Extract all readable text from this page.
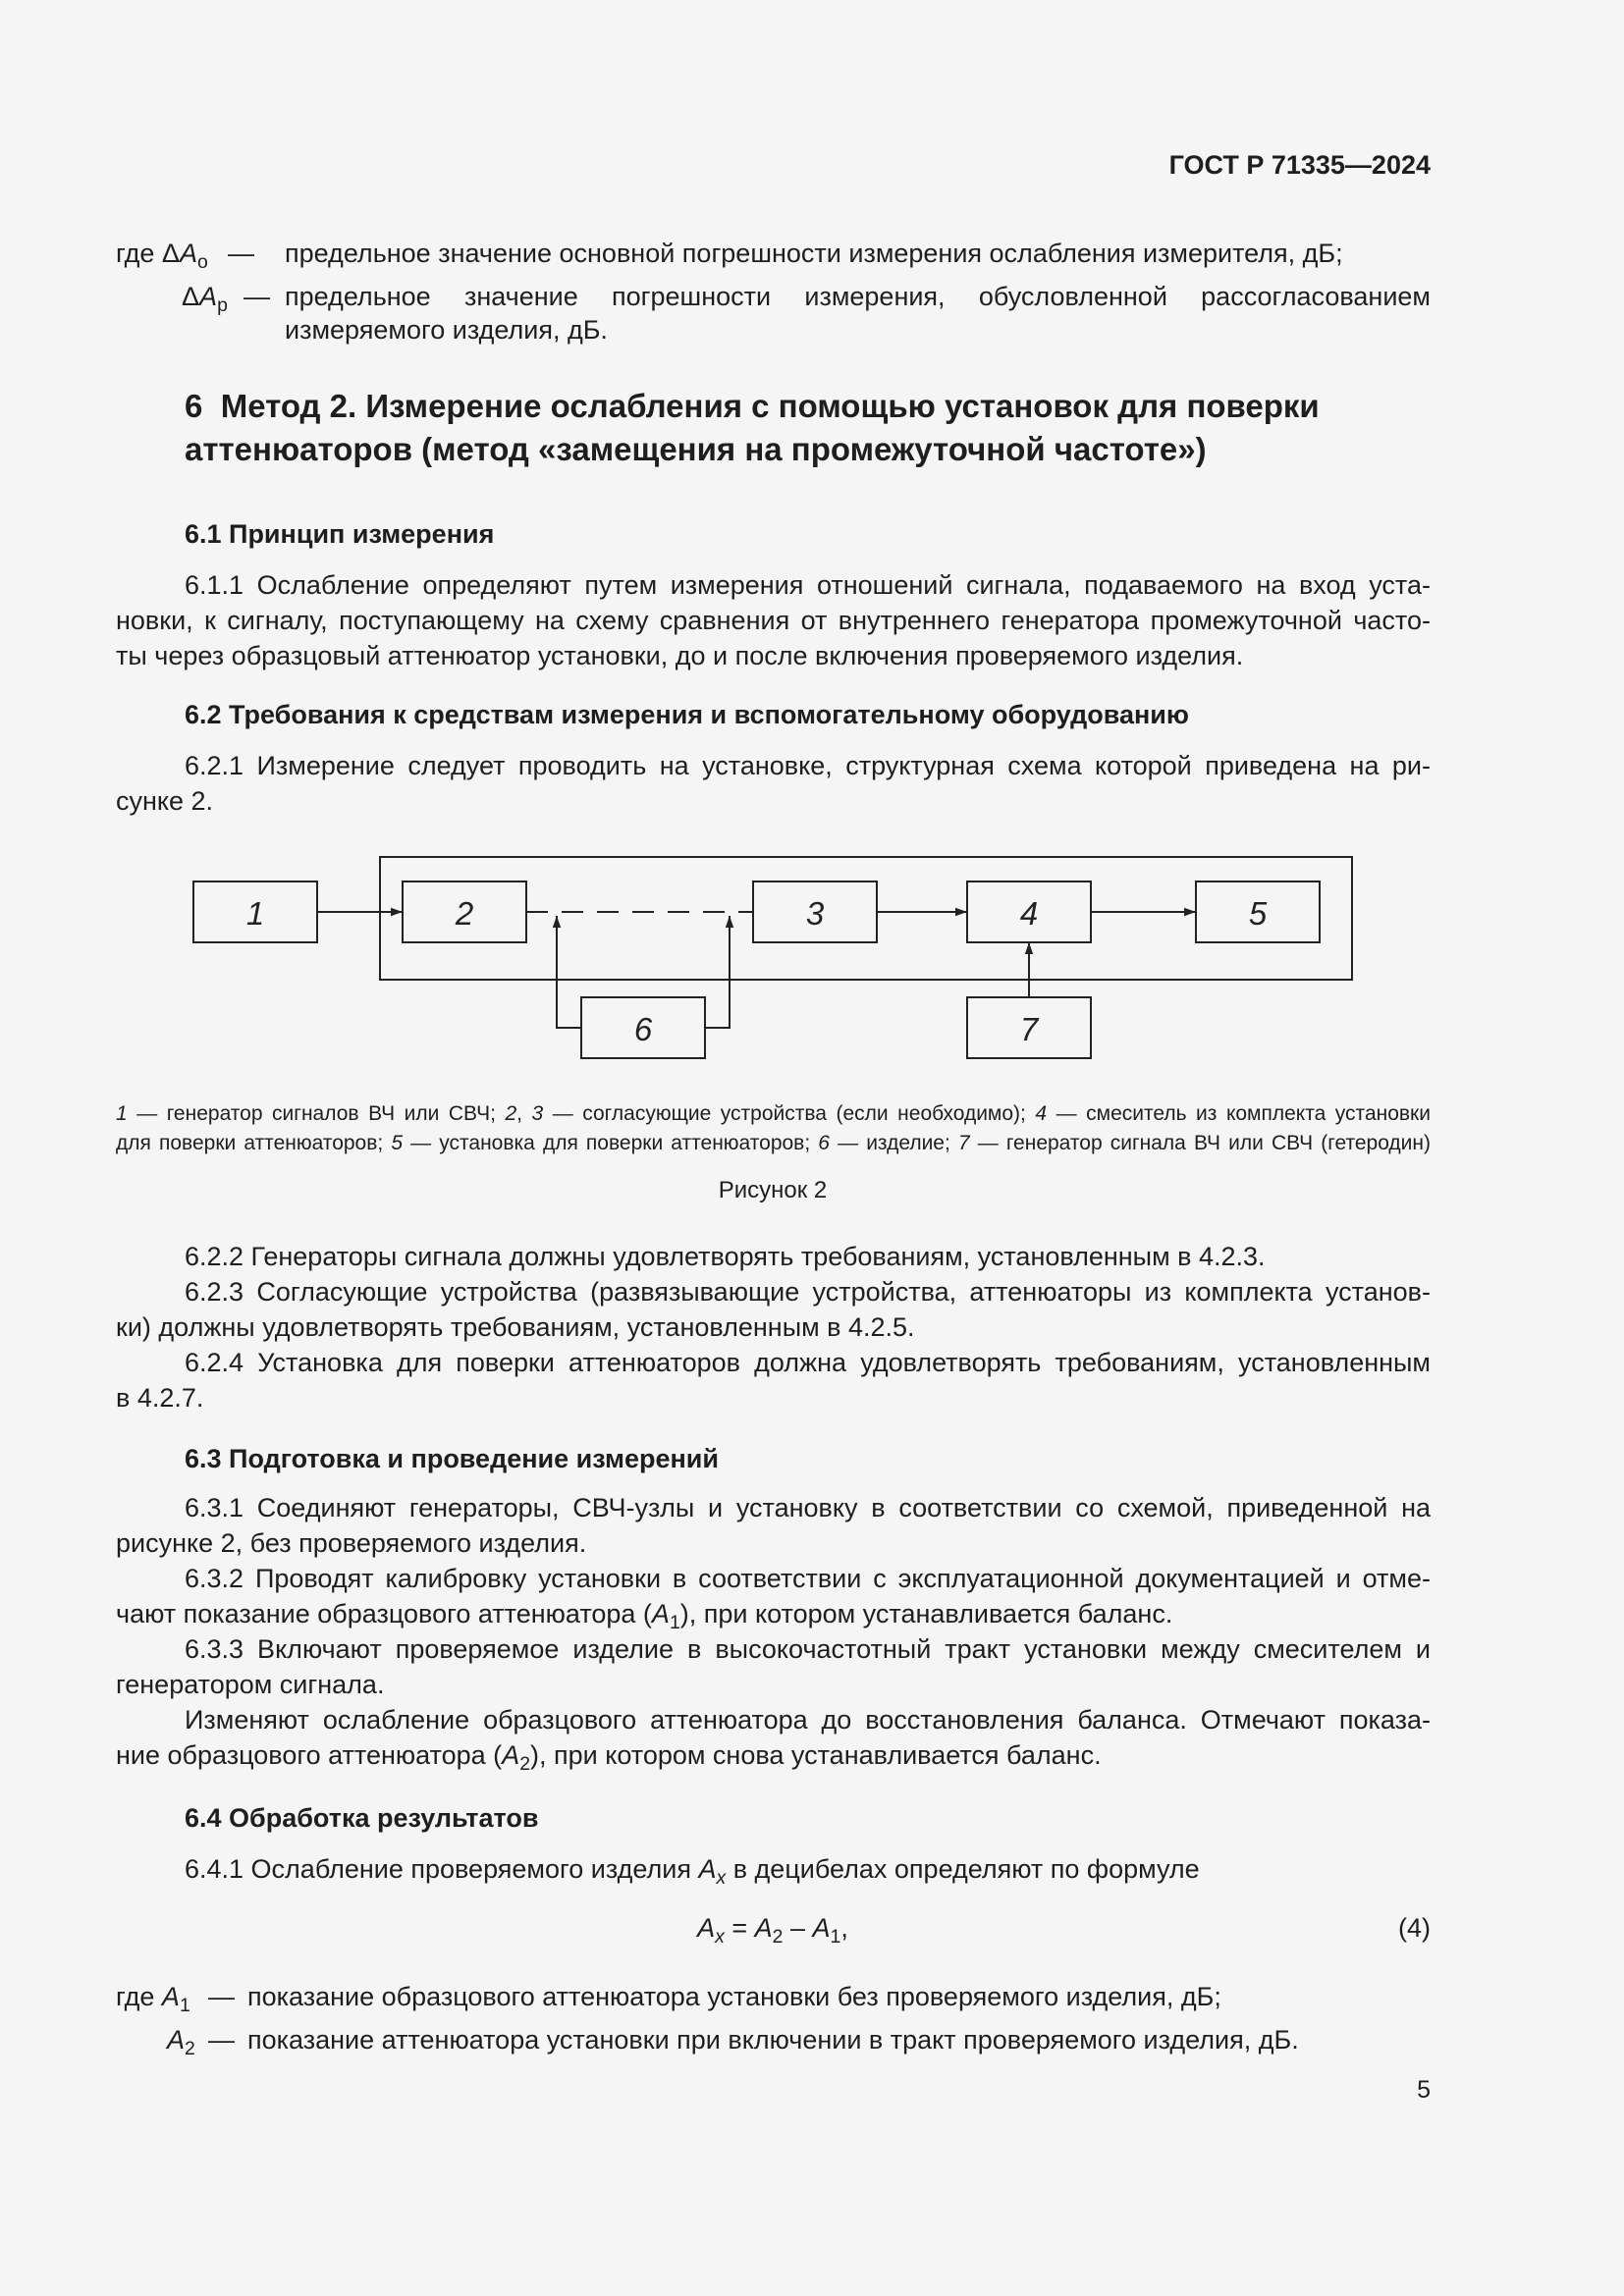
ГОСТ Р 71335—2024
где $\Delta A_о$ — предельное значение основной погрешности измерения ослабления измерителя, дБ;
$\Delta A_р$ — предельное значение погрешности измерения, обусловленной рассогласованием
измеряемого изделия, дБ.
6 Метод 2. Измерение ослабления с помощью установок для поверки
аттенюаторов (метод «замещения на промежуточной частоте»)
6.1 Принцип измерения
6.1.1 Ослабление определяют путем измерения отношений сигнала, подаваемого на вход уста-
новки, к сигналу, поступающему на схему сравнения от внутреннего генератора промежуточной часто-
ты через образцовый аттенюатор установки, до и после включения проверяемого изделия.
6.2 Требования к средствам измерения и вспомогательному оборудованию
6.2.1 Измерение следует проводить на установке, структурная схема которой приведена на ри-
сунке 2.
1	2	3	4	5
6	7
1 — генератор сигналов ВЧ или СВЧ; 2, 3 — согласующие устройства (если необходимо); 4 — смеситель из комплекта установки
для поверки аттенюаторов; 5 — установка для поверки аттенюаторов; 6 — изделие; 7 — генератор сигнала ВЧ или СВЧ (гетеродин)
Рисунок 2
6.2.2 Генераторы сигнала должны удовлетворять требованиям, установленным в 4.2.3.
6.2.3 Согласующие устройства (развязывающие устройства, аттенюаторы из комплекта установ-
ки) должны удовлетворять требованиям, установленным в 4.2.5.
6.2.4 Установка для поверки аттенюаторов должна удовлетворять требованиям, установленным
в 4.2.7.
6.3 Подготовка и проведение измерений
6.3.1 Соединяют генераторы, СВЧ-узлы и установку в соответствии со схемой, приведенной на
рисунке 2, без проверяемого изделия.
6.3.2 Проводят калибровку установки в соответствии с эксплуатационной документацией и отме-
чают показание образцового аттенюатора $(A_1)$, при котором устанавливается баланс.
6.3.3 Включают проверяемое изделие в высокочастотный тракт установки между смесителем и
генератором сигнала.
Изменяют ослабление образцового аттенюатора до восстановления баланса. Отмечают показа-
ние образцового аттенюатора $(A_2)$, при котором снова устанавливается баланс.
6.4 Обработка результатов
6.4.1 Ослабление проверяемого изделия $A_x$ в децибелах определяют по формуле
$A_x = A_2 - A_1$,	(4)
где $A_1$ — показание образцового аттенюатора установки без проверяемого изделия, дБ;
$A_2$ — показание аттенюатора установки при включении в тракт проверяемого изделия, дБ.
5
